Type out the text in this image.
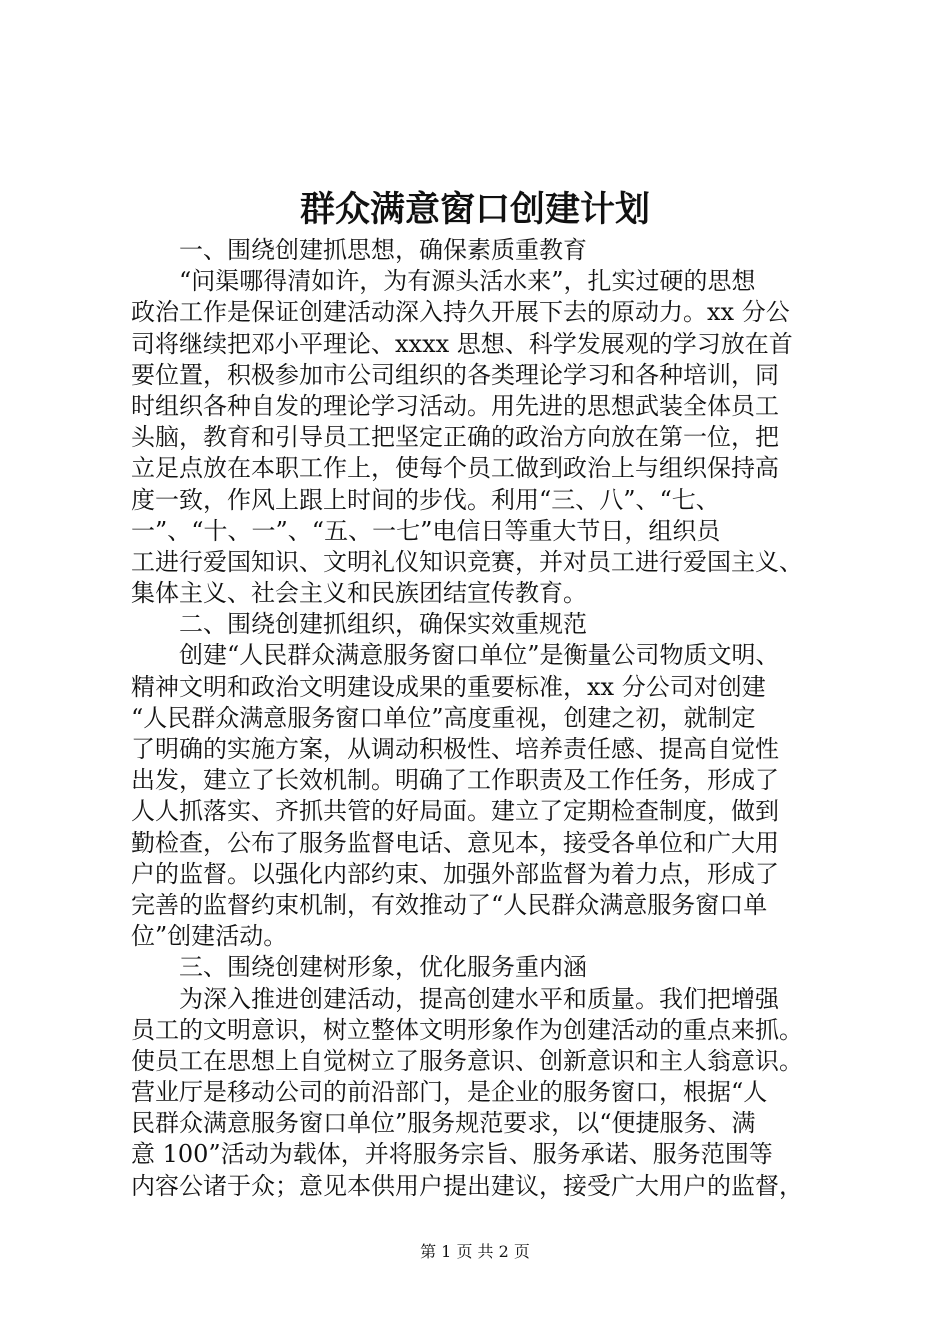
群众满意窗口创建计划
一、围绕创建抓思想，确保素质重教育
“问渠哪得清如许，为有源头活水来”，扎实过硬的思想
政治工作是保证创建活动深入持久开展下去的原动力。xx 分公
司将继续把邓小平理论、xxxx 思想、科学发展观的学习放在首
要位置，积极参加市公司组织的各类理论学习和各种培训，同
时组织各种自发的理论学习活动。用先进的思想武装全体员工
头脑，教育和引导员工把坚定正确的政治方向放在第一位，把
立足点放在本职工作上，使每个员工做到政治上与组织保持高
度一致，作风上跟上时间的步伐。利用“三、八”、“七、
一”、“十、一”、“五、一七”电信日等重大节日，组织员
工进行爱国知识、文明礼仪知识竞赛，并对员工进行爱国主义、
集体主义、社会主义和民族团结宣传教育。
二、围绕创建抓组织，确保实效重规范
创建“人民群众满意服务窗口单位”是衡量公司物质文明、
精神文明和政治文明建设成果的重要标准，xx 分公司对创建
“人民群众满意服务窗口单位”高度重视，创建之初，就制定
了明确的实施方案，从调动积极性、培养责任感、提高自觉性
出发，建立了长效机制。明确了工作职责及工作任务，形成了
人人抓落实、齐抓共管的好局面。建立了定期检查制度，做到
勤检查，公布了服务监督电话、意见本，接受各单位和广大用
户的监督。以强化内部约束、加强外部监督为着力点，形成了
完善的监督约束机制，有效推动了“人民群众满意服务窗口单
位”创建活动。
三、围绕创建树形象，优化服务重内涵
为深入推进创建活动，提高创建水平和质量。我们把增强
员工的文明意识，树立整体文明形象作为创建活动的重点来抓。
使员工在思想上自觉树立了服务意识、创新意识和主人翁意识。
营业厅是移动公司的前沿部门，是企业的服务窗口，根据“人
民群众满意服务窗口单位”服务规范要求，以“便捷服务、满
意 100”活动为载体，并将服务宗旨、服务承诺、服务范围等
内容公诸于众；意见本供用户提出建议，接受广大用户的监督，
第 1 页 共 2 页
